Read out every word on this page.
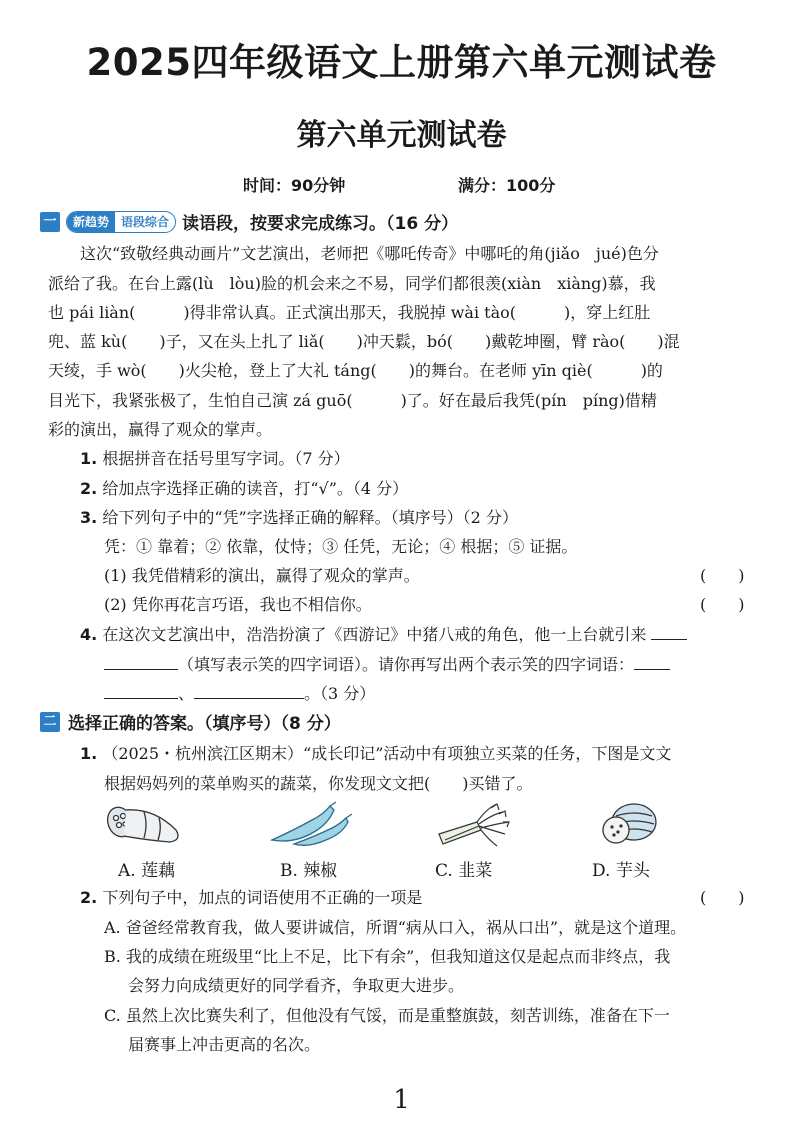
2025四年级语文上册第六单元测试卷
第六单元测试卷
时间：90分钟	满分：100分
一	新趋势	语段综合 读语段，按要求完成练习。（16 分）
这次“致敬经典动画片”文艺演出，老师把《哪吒传奇》中哪吒的角(jiǎo　jué)色分
派给了我。在台上露(lù　lòu)脸的机会来之不易，同学们都很羡(xiàn　xiàng)慕，我
也 pái liàn(　　　)得非常认真。正式演出那天，我脱掉 wài tào(　　　)，穿上红肚
兜、蓝 kù(　　)子，又在头上扎了 liǎ(　　)冲天鬏，bó(　　)戴乾坤圈，臂 rào(　　)混
天绫，手 wò(　　)火尖枪，登上了大礼 táng(　　)的舞台。在老师 yīn qiè(　　　)的
目光下，我紧张极了，生怕自己演 zá guō(　　　)了。好在最后我凭(pín　píng)借精
彩的演出，赢得了观众的掌声。
1. 根据拼音在括号里写字词。（7 分）
2. 给加点字选择正确的读音，打“√”。（4 分）
3. 给下列句子中的“凭”字选择正确的解释。（填序号）（2 分）
凭：① 靠着；② 依靠，仗恃；③ 任凭，无论；④ 根据；⑤ 证据。
(1) 我凭借精彩的演出，赢得了观众的掌声。	(　　)
(2) 凭你再花言巧语，我也不相信你。	(　　)
4. 在这次文艺演出中，浩浩扮演了《西游记》中猪八戒的角色，他一上台就引来
（填写表示笑的四字词语）。请你再写出两个表示笑的四字词语：
、	。（3 分）
二 选择正确的答案。（填序号）（8 分）
1. （2025・杭州滨江区期末）“成长印记”活动中有项独立买菜的任务，下图是文文
根据妈妈列的菜单购买的蔬菜，你发现文文把(　　)买错了。
A. 莲藕	B. 辣椒	C. 韭菜	D. 芋头
2. 下列句子中，加点的词语使用不正确的一项是	(　　)
A. 爸爸经常教育我，做人要讲诚信，所谓“病从口入，祸从口出”，就是这个道理。
B. 我的成绩在班级里“比上不足，比下有余”，但我知道这仅是起点而非终点，我
会努力向成绩更好的同学看齐，争取更大进步。
C. 虽然上次比赛失利了，但他没有气馁，而是重整旗鼓，刻苦训练，准备在下一
届赛事上冲击更高的名次。
1
